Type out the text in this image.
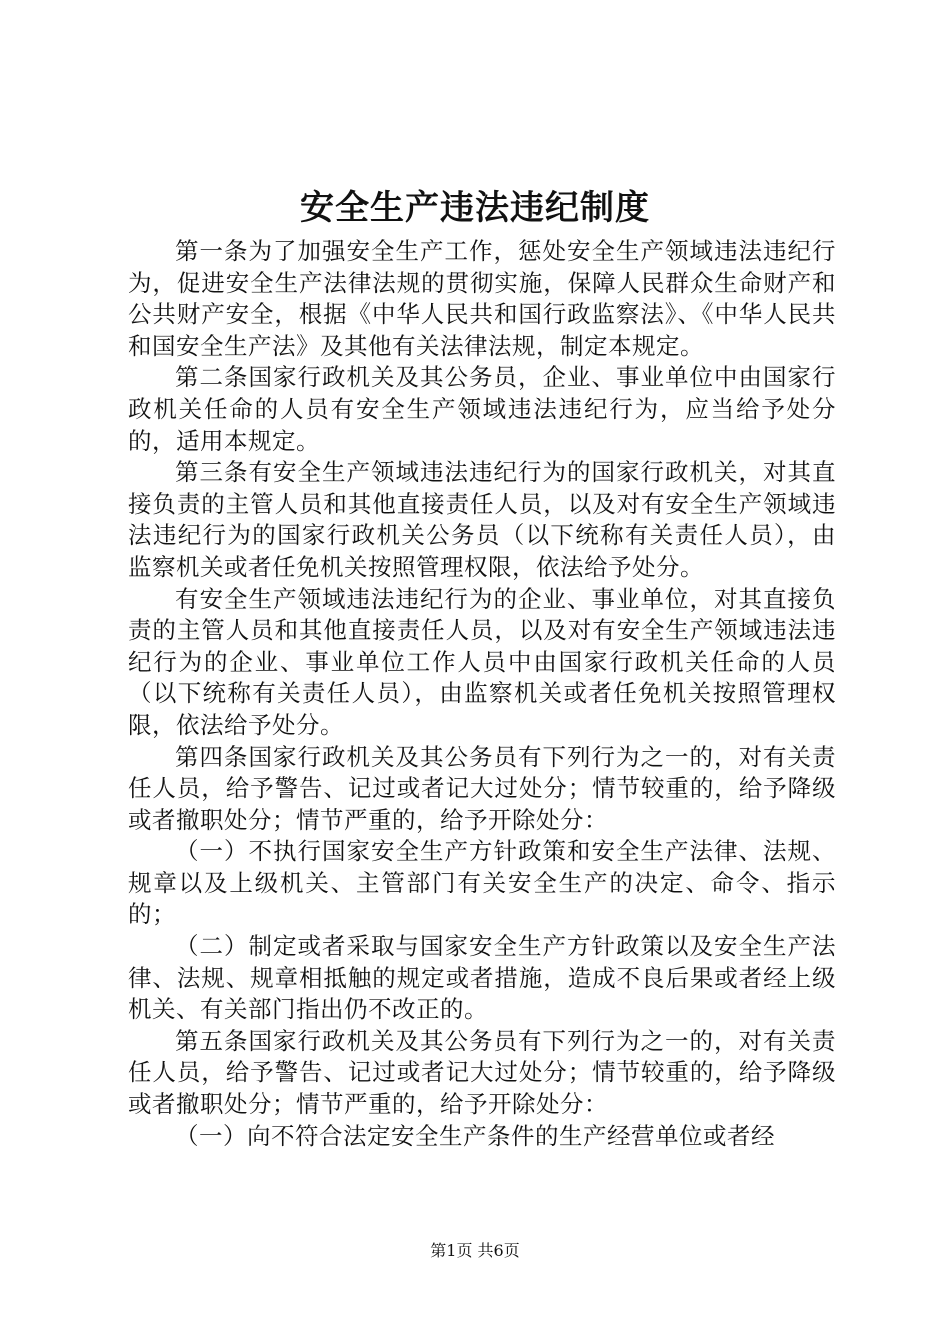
安全生产违法违纪制度

第一条为了加强安全生产工作，惩处安全生产领域违法违纪行为，促进安全生产法律法规的贯彻实施，保障人民群众生命财产和公共财产安全，根据《中华人民共和国行政监察法》、《中华人民共和国安全生产法》及其他有关法律法规，制定本规定。

第二条国家行政机关及其公务员，企业、事业单位中由国家行政机关任命的人员有安全生产领域违法违纪行为，应当给予处分的，适用本规定。

第三条有安全生产领域违法违纪行为的国家行政机关，对其直接负责的主管人员和其他直接责任人员，以及对有安全生产领域违法违纪行为的国家行政机关公务员（以下统称有关责任人员），由监察机关或者任免机关按照管理权限，依法给予处分。

有安全生产领域违法违纪行为的企业、事业单位，对其直接负责的主管人员和其他直接责任人员，以及对有安全生产领域违法违纪行为的企业、事业单位工作人员中由国家行政机关任命的人员（以下统称有关责任人员），由监察机关或者任免机关按照管理权限，依法给予处分。

第四条国家行政机关及其公务员有下列行为之一的，对有关责任人员，给予警告、记过或者记大过处分；情节较重的，给予降级或者撤职处分；情节严重的，给予开除处分：

（一）不执行国家安全生产方针政策和安全生产法律、法规、规章以及上级机关、主管部门有关安全生产的决定、命令、指示的；

（二）制定或者采取与国家安全生产方针政策以及安全生产法律、法规、规章相抵触的规定或者措施，造成不良后果或者经上级机关、有关部门指出仍不改正的。

第五条国家行政机关及其公务员有下列行为之一的，对有关责任人员，给予警告、记过或者记大过处分；情节较重的，给予降级或者撤职处分；情节严重的，给予开除处分：

（一）向不符合法定安全生产条件的生产经营单位或者经

第1页 共6页
